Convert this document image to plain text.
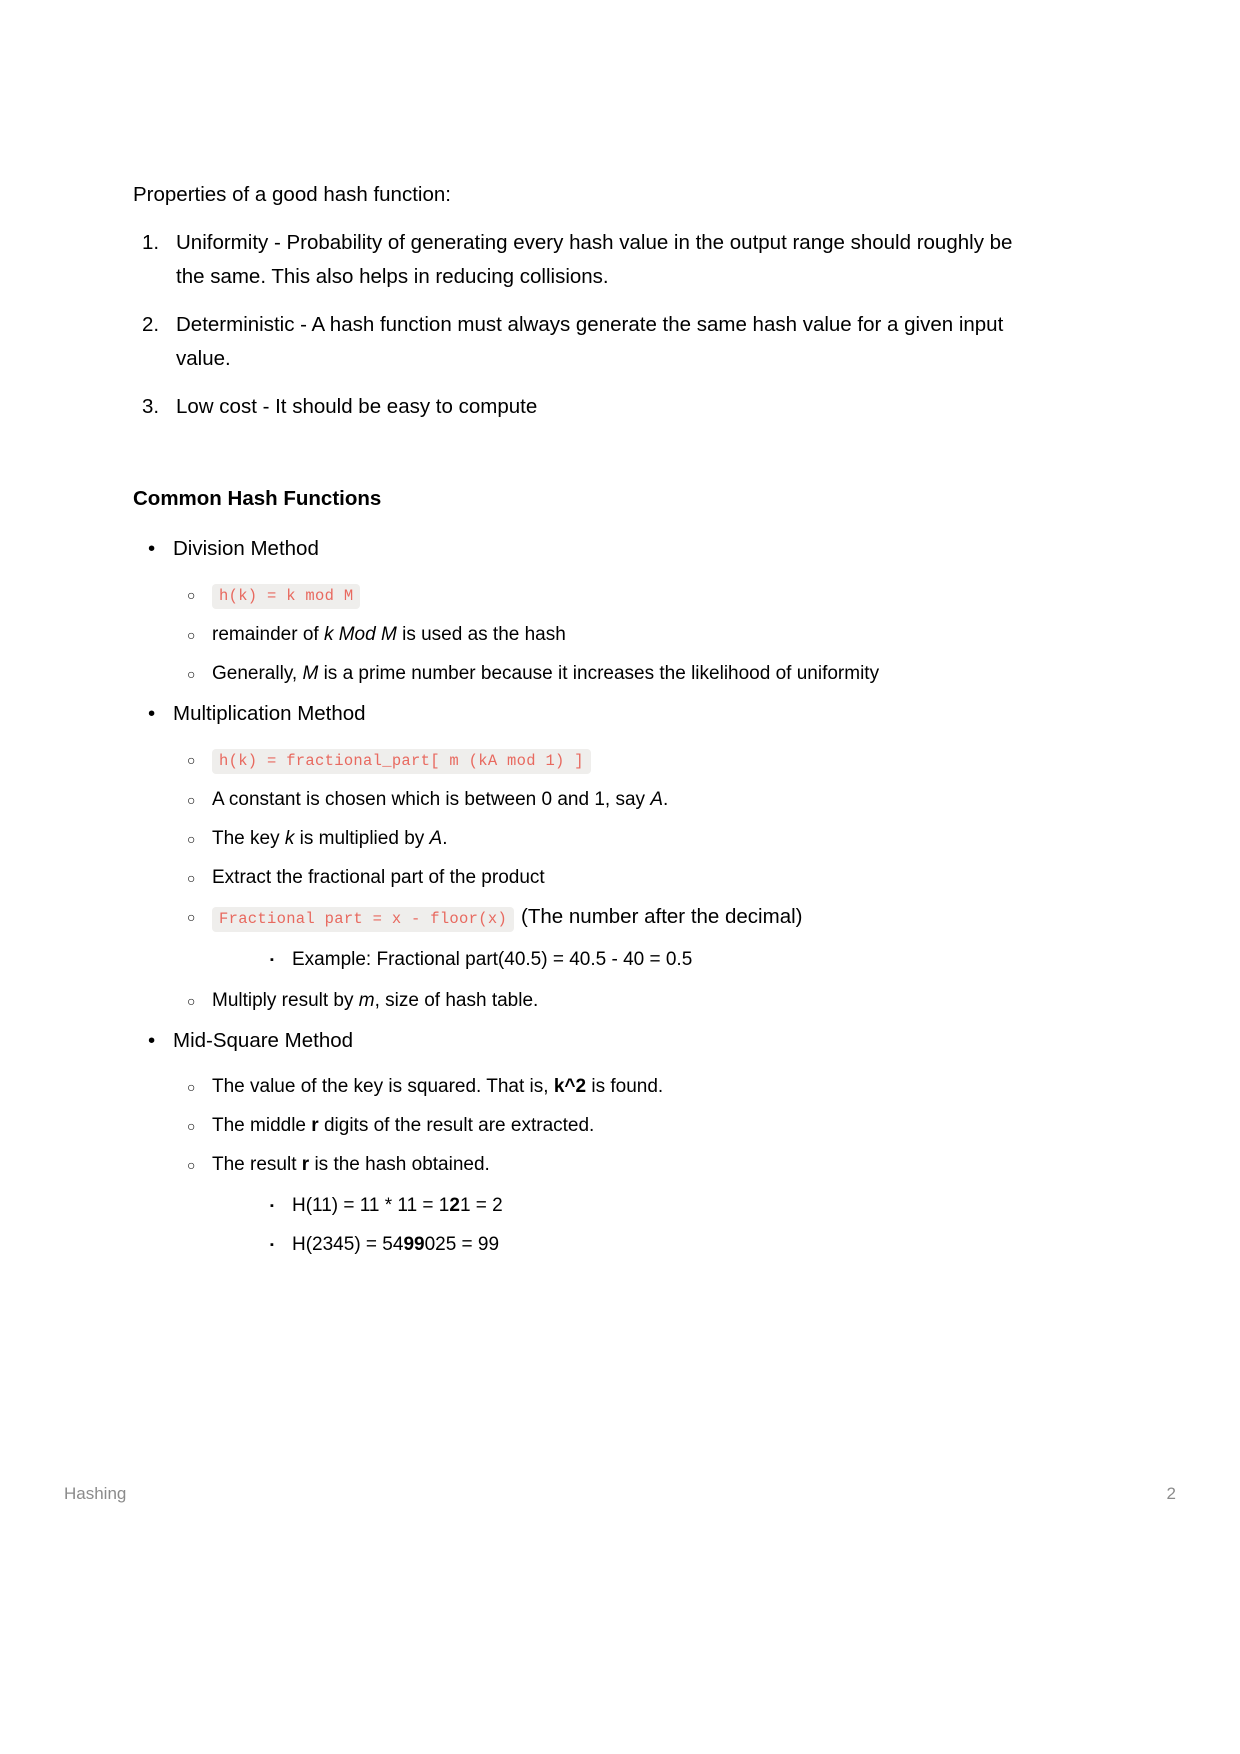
Properties of a good hash function:

1. Uniformity - Probability of generating every hash value in the output range should roughly be the same. This also helps in reducing collisions.
2. Deterministic - A hash function must always generate the same hash value for a given input value.
3. Low cost - It should be easy to compute
Common Hash Functions
• Division Method
○ h(k) = k mod M
○ remainder of k Mod M is used as the hash
○ Generally, M is a prime number because it increases the likelihood of uniformity
• Multiplication Method
○ h(k) = fractional_part[ m (kA mod 1) ]
○ A constant is chosen which is between 0 and 1, say A.
○ The key k is multiplied by A.
○ Extract the fractional part of the product
○ Fractional part = x - floor(x) (The number after the decimal)
▪ Example: Fractional part(40.5) = 40.5 - 40 = 0.5
○ Multiply result by m, size of hash table.
• Mid-Square Method
○ The value of the key is squared. That is, k^2 is found.
○ The middle r digits of the result are extracted.
○ The result r is the hash obtained.
▪ H(11) = 11 * 11 = 121 = 2
▪ H(2345) = 5499025 = 99
Hashing	2
